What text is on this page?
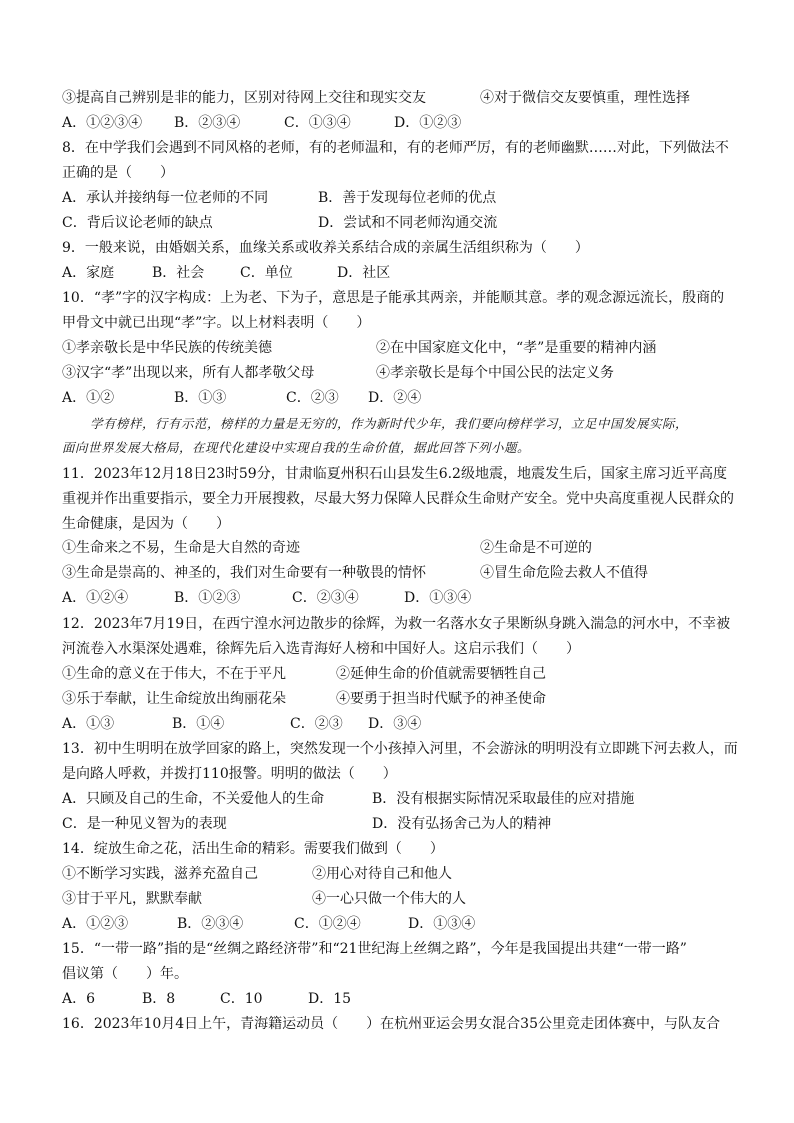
③提高自己辨别是非的能力，区别对待网上交往和现实交友	④对于微信交友要慎重，理性选择
A．①②③④ B．②③④	C．①③④	D．①②③
8．在中学我们会遇到不同风格的老师，有的老师温和，有的老师严厉，有的老师幽默……对此，下列做法不
正确的是（　　）
A．承认并接纳每一位老师的不同	B．善于发现每位老师的优点
C．背后议论老师的缺点	D．尝试和不同老师沟通交流
9．一般来说，由婚姻关系，血缘关系或收养关系结合成的亲属生活组织称为（　　）
A．家庭	B．社会	C．单位	D．社区
10．“孝”字的汉字构成：上为老、下为子，意思是子能承其两亲，并能顺其意。孝的观念源远流长，殷商的
甲骨文中就已出现“孝”字。以上材料表明（　　）
①孝亲敬长是中华民族的传统美德	②在中国家庭文化中，“孝”是重要的精神内涵
③汉字“孝”出现以来，所有人都孝敬父母	④孝亲敬长是每个中国公民的法定义务
A．①②	B．①③	C．②③ D．②④
学有榜样，行有示范，榜样的力量是无穷的，作为新时代少年，我们要向榜样学习，立足中国发展实际，
面向世界发展大格局，在现代化建设中实现自我的生命价值，据此回答下列小题。
11．2023年12月18日23时59分，甘肃临夏州积石山县发生6.2级地震，地震发生后，国家主席习近平高度
重视并作出重要指示，要全力开展搜救，尽最大努力保障人民群众生命财产安全。党中央高度重视人民群众的
生命健康，是因为（　　）
①生命来之不易，生命是大自然的奇迹	②生命是不可逆的
③生命是崇高的、神圣的，我们对生命要有一种敬畏的情怀	④冒生命危险去救人不值得
A．①②④	B．①②③	C．②③④	D．①③④
12．2023年7月19日，在西宁湟水河边散步的徐辉，为救一名落水女子果断纵身跳入湍急的河水中，不幸被
河流卷入水渠深处遇难，徐辉先后入选青海好人榜和中国好人。这启示我们（　　）
①生命的意义在于伟大，不在于平凡	②延伸生命的价值就需要牺牲自己
③乐于奉献，让生命绽放出绚丽花朵	④要勇于担当时代赋予的神圣使命
A．①③	B．①④	C．②③ D．③④
13．初中生明明在放学回家的路上，突然发现一个小孩掉入河里，不会游泳的明明没有立即跳下河去救人，而
是向路人呼救，并拨打110报警。明明的做法（　　）
A．只顾及自己的生命，不关爱他人的生命	B．没有根据实际情况采取最佳的应对措施
C．是一种见义智为的表现	D．没有弘扬舍己为人的精神
14．绽放生命之花，活出生命的精彩。需要我们做到（　　）
①不断学习实践，滋养充盈自己	②用心对待自己和他人
③甘于平凡，默默奉献	④一心只做一个伟大的人
A．①②③	B．②③④	C．①②④	D．①③④
15．“一带一路”指的是“丝绸之路经济带”和“21世纪海上丝绸之路”，今年是我国提出共建“一带一路”
倡议第（　　）年。
A．6	B．8	C．10	D．15
16．2023年10月4日上午，青海籍运动员（　　）在杭州亚运会男女混合35公里竞走团体赛中，与队友合
